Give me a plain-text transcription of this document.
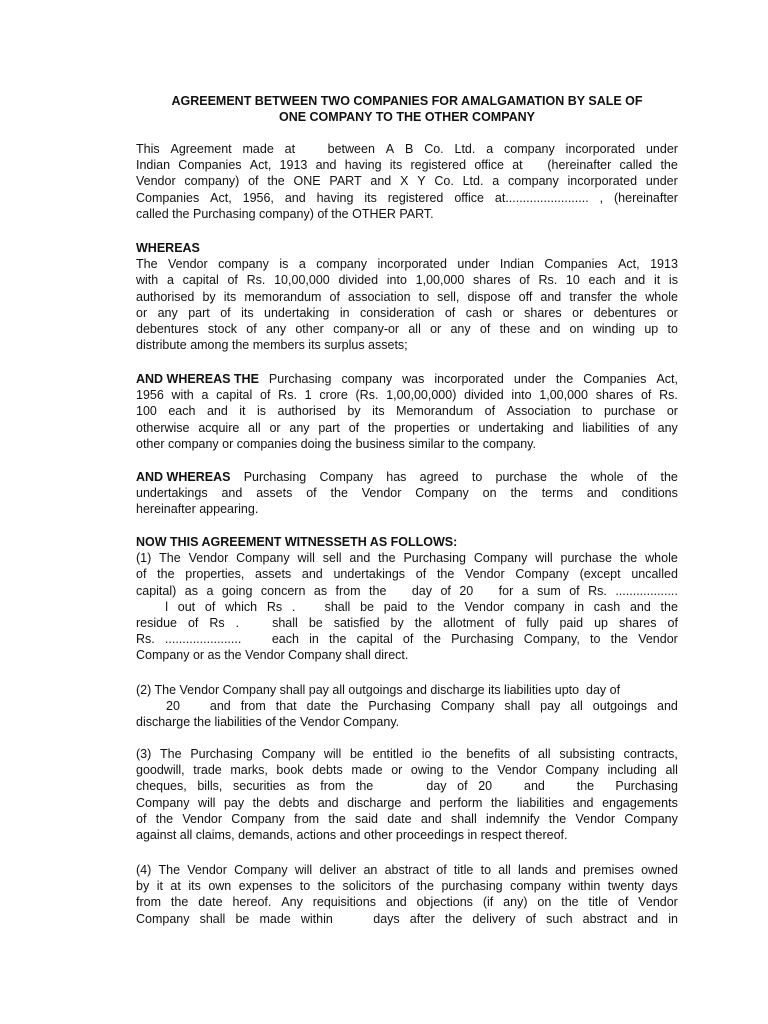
AGREEMENT BETWEEN TWO COMPANIES FOR AMALGAMATION BY SALE OF
ONE COMPANY TO THE OTHER COMPANY
This Agreement made at	between A B Co. Ltd. a company incorporated under
Indian Companies Act, 1913 and having its registered office at (hereinafter called the
Vendor company) of the ONE PART and X Y Co. Ltd. a company incorporated under
Companies Act, 1956, and having its registered office at........................ , (hereinafter
called the Purchasing company) of the OTHER PART.
WHEREAS
The Vendor company is a company incorporated under Indian Companies Act, 1913
with a capital of Rs. 10,00,000 divided into 1,00,000 shares of Rs. 10 each and it is
authorised by its memorandum of association to sell, dispose off and transfer the whole
or any part of its undertaking in consideration of cash or shares or debentures or
debentures stock of any other company-or all or any of these and on winding up to
distribute among the members its surplus assets;
AND WHEREAS THE Purchasing company was incorporated under the Companies Act,
1956 with a capital of Rs. 1 crore (Rs. 1,00,00,000) divided into 1,00,000 shares of Rs.
100 each and it is authorised by its Memorandum of Association to purchase or
otherwise acquire all or any part of the properties or undertaking and liabilities of any
other company or companies doing the business similar to the company.
AND WHEREAS Purchasing Company has agreed to purchase the whole of the
undertakings and assets of the Vendor Company on the terms and conditions
hereinafter appearing.
NOW THIS AGREEMENT WITNESSETH AS FOLLOWS:
(1) The Vendor Company will sell and the Purchasing Company will purchase the whole
of the properties, assets and undertakings of the Vendor Company (except uncalled
capital) as a going concern as from the day of 20 for a sum of Rs. ..................
l out of which Rs . shall be paid to the Vendor company in cash and the
residue of Rs .	shall be satisfied by the allotment of fully paid up shares of
Rs. ...................... each in the capital of the Purchasing Company, to the Vendor
Company or as the Vendor Company shall direct.
(2) The Vendor Company shall pay all outgoings and discharge its liabilities upto  day of
20 and from that date the Purchasing Company shall pay all outgoings and
discharge the liabilities of the Vendor Company.
(3) The Purchasing Company will be entitled io the benefits of all subsisting contracts,
goodwill, trade marks, book debts made or owing to the Vendor Company including all
cheques, bills, securities as from the	day of 20	and	the Purchasing
Company will pay the debts and discharge and perform the liabilities and engagements
of the Vendor Company from the said date and shall indemnify the Vendor Company
against all claims, demands, actions and other proceedings in respect thereof.
(4) The Vendor Company will deliver an abstract of title to all lands and premises owned
by it at its own expenses to the solicitors of the purchasing company within twenty days
from the date hereof. Any requisitions and objections (if any) on the title of Vendor
Company shall be made within	days after the delivery of such abstract and in
